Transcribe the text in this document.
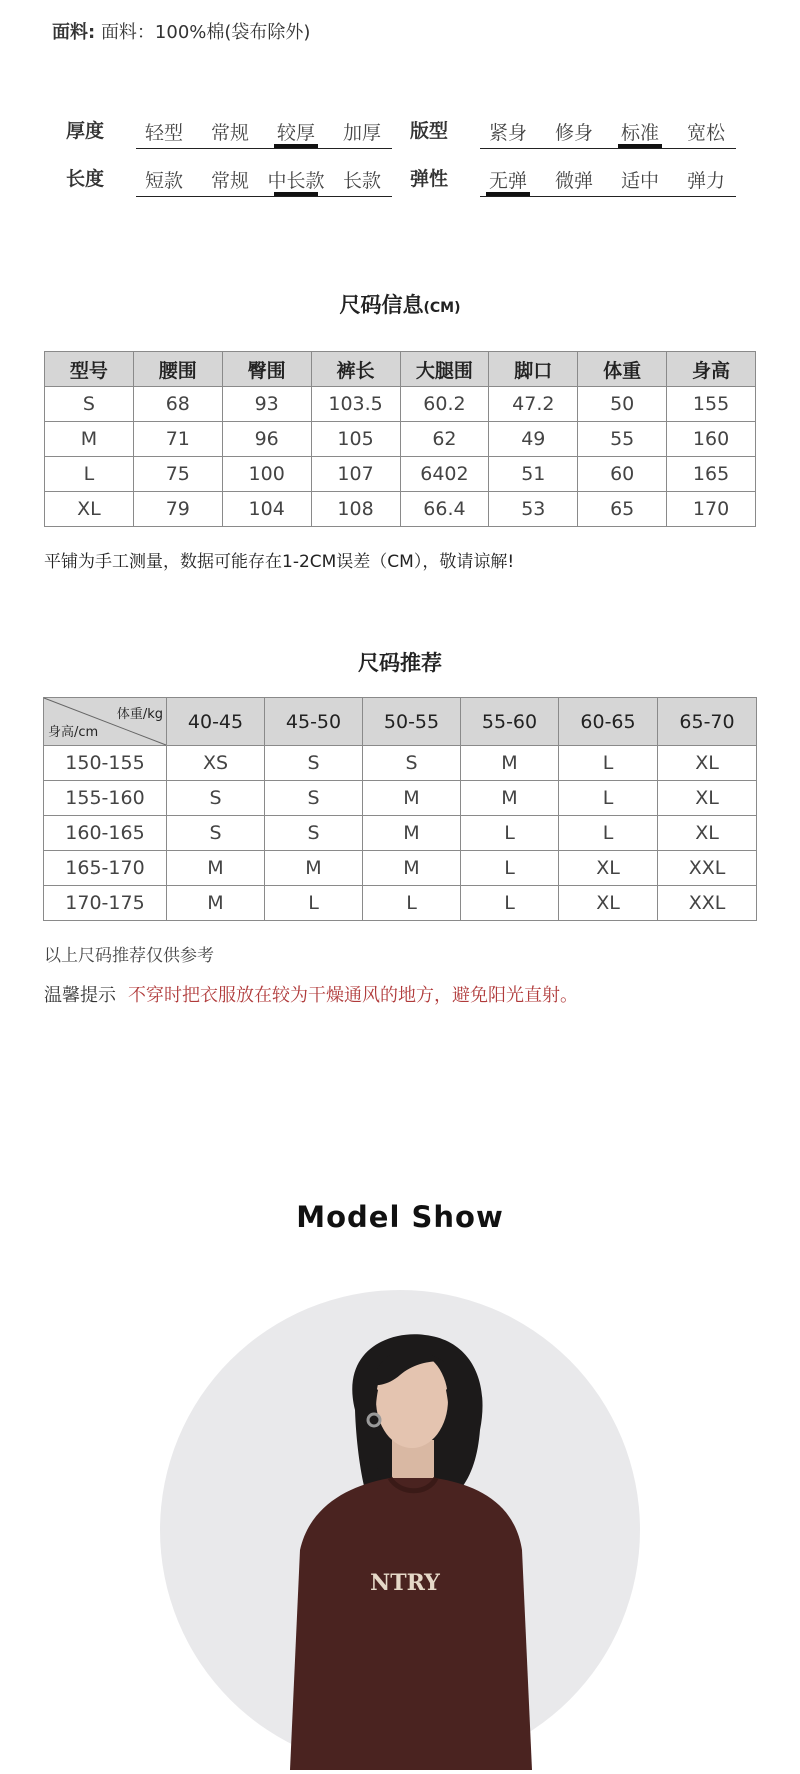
面料: 面料：100%棉(袋布除外)
厚度	轻型	常规	较厚	加厚	版型	紧身	修身	标准	宽松
长度	短款	常规 中长款 长款	弹性	无弹	微弹	适中	弹力
尺码信息(CM)
型号	腰围	臀围	裤长	大腿围	脚口	体重	身高
S	68	93	103.5	60.2	47.2	50	155
M	71	96	105	62	49	55	160
L	75	100	107	6402	51	60	165
XL	79	104	108	66.4	53	65	170
平铺为手工测量，数据可能存在1-2CM误差（CM），敬请谅解!
尺码推荐
体重/kg
身高/cm	40-45	45-50	50-55	55-60	60-65	65-70
150-155	XS	S	S	M	L	XL
155-160	S	S	M	M	L	XL
160-165	S	S	M	L	L	XL
165-170	M	M	M	L	XL	XXL
170-175	M	L	L	L	XL	XXL
以上尺码推荐仅供参考
温馨提示 不穿时把衣服放在较为干燥通风的地方，避免阳光直射。
Model Show
NTRY
